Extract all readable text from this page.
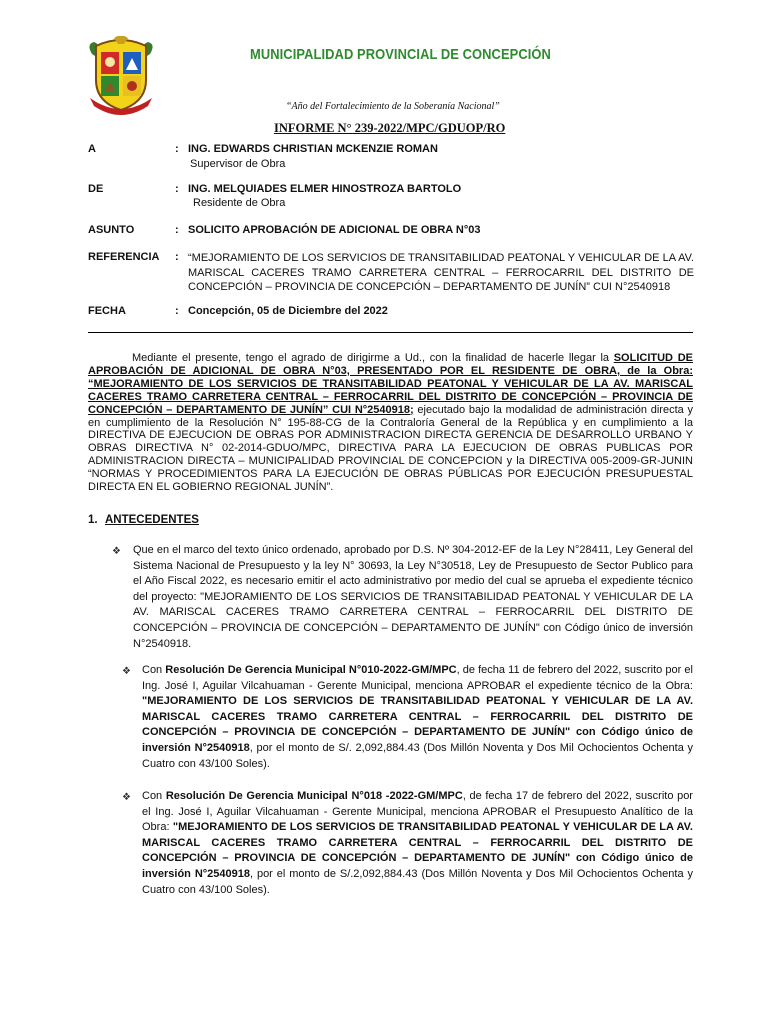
MUNICIPALIDAD PROVINCIAL DE CONCEPCIÓN
“Año del Fortalecimiento de la Soberanía Nacional”
INFORME N° 239-2022/MPC/GDUOP/RO
A	: ING. EDWARDS CHRISTIAN MCKENZIE ROMAN
Supervisor de Obra
DE	: ING. MELQUIADES ELMER HINOSTROZA BARTOLO
Residente de Obra
ASUNTO	: SOLICITO APROBACIÓN DE ADICIONAL DE OBRA N°03
REFERENCIA : “MEJORAMIENTO DE LOS SERVICIOS DE TRANSITABILIDAD PEATONAL Y VEHICULAR DE LA AV. MARISCAL CACERES TRAMO CARRETERA CENTRAL – FERROCARRIL DEL DISTRITO DE CONCEPCIÓN – PROVINCIA DE CONCEPCIÓN – DEPARTAMENTO DE JUNÍN” CUI N°2540918
FECHA	: Concepción, 05 de Diciembre del 2022
Mediante el presente, tengo el agrado de dirigirme a Ud., con la finalidad de hacerle llegar la SOLICITUD DE APROBACIÓN DE ADICIONAL DE OBRA N°03, PRESENTADO POR EL RESIDENTE DE OBRA, de la Obra: “MEJORAMIENTO DE LOS SERVICIOS DE TRANSITABILIDAD PEATONAL Y VEHICULAR DE LA AV. MARISCAL CACERES TRAMO CARRETERA CENTRAL – FERROCARRIL DEL DISTRITO DE CONCEPCIÓN – PROVINCIA DE CONCEPCIÓN – DEPARTAMENTO DE JUNÍN” CUI N°2540918; ejecutado bajo la modalidad de administración directa y en cumplimiento de la Resolución N° 195-88-CG de la Contraloría General de la República y en cumplimiento a la DIRECTIVA DE EJECUCION DE OBRAS POR ADMINISTRACION DIRECTA GERENCIA DE DESARROLLO URBANO Y OBRAS DIRECTIVA N° 02-2014-GDUO/MPC, DIRECTIVA PARA LA EJECUCION DE OBRAS PUBLICAS POR ADMINISTRACION DIRECTA – MUNICIPALIDAD PROVINCIAL DE CONCEPCION y la DIRECTIVA 005-2009-GR-JUNIN “NORMAS Y PROCEDIMIENTOS PARA LA EJECUCIÓN DE OBRAS PÚBLICAS POR EJECUCIÓN PRESUPUESTAL DIRECTA EN EL GOBIERNO REGIONAL JUNÍN”.
1. ANTECEDENTES
❖ Que en el marco del texto único ordenado, aprobado por D.S. Nº 304-2012-EF de la Ley N°28411, Ley General del Sistema Nacional de Presupuesto y la ley N° 30693, la Ley N°30518, Ley de Presupuesto de Sector Publico para el Año Fiscal 2022, es necesario emitir el acto administrativo por medio del cual se aprueba el expediente técnico del proyecto: "MEJORAMIENTO DE LOS SERVICIOS DE TRANSITABILIDAD PEATONAL Y VEHICULAR DE LA AV. MARISCAL CACERES TRAMO CARRETERA CENTRAL – FERROCARRIL DEL DISTRITO DE CONCEPCIÓN – PROVINCIA DE CONCEPCIÓN – DEPARTAMENTO DE JUNÍN" con Código único de inversión N°2540918.
❖ Con Resolución De Gerencia Municipal N°010-2022-GM/MPC, de fecha 11 de febrero del 2022, suscrito por el Ing. José I, Aguilar Vilcahuaman - Gerente Municipal, menciona APROBAR el expediente técnico de la Obra: "MEJORAMIENTO DE LOS SERVICIOS DE TRANSITABILIDAD PEATONAL Y VEHICULAR DE LA AV. MARISCAL CACERES TRAMO CARRETERA CENTRAL – FERROCARRIL DEL DISTRITO DE CONCEPCIÓN – PROVINCIA DE CONCEPCIÓN – DEPARTAMENTO DE JUNÍN" con Código único de inversión N°2540918, por el monto de S/. 2,092,884.43 (Dos Millón Noventa y Dos Mil Ochocientos Ochenta y Cuatro con 43/100 Soles).
❖ Con Resolución De Gerencia Municipal N°018 -2022-GM/MPC, de fecha 17 de febrero del 2022, suscrito por el Ing. José I, Aguilar Vilcahuaman - Gerente Municipal, menciona APROBAR el Presupuesto Analítico de la Obra: "MEJORAMIENTO DE LOS SERVICIOS DE TRANSITABILIDAD PEATONAL Y VEHICULAR DE LA AV. MARISCAL CACERES TRAMO CARRETERA CENTRAL – FERROCARRIL DEL DISTRITO DE CONCEPCIÓN – PROVINCIA DE CONCEPCIÓN – DEPARTAMENTO DE JUNÍN" con Código único de inversión N°2540918, por el monto de S/.2,092,884.43 (Dos Millón Noventa y Dos Mil Ochocientos Ochenta y Cuatro con 43/100 Soles).
